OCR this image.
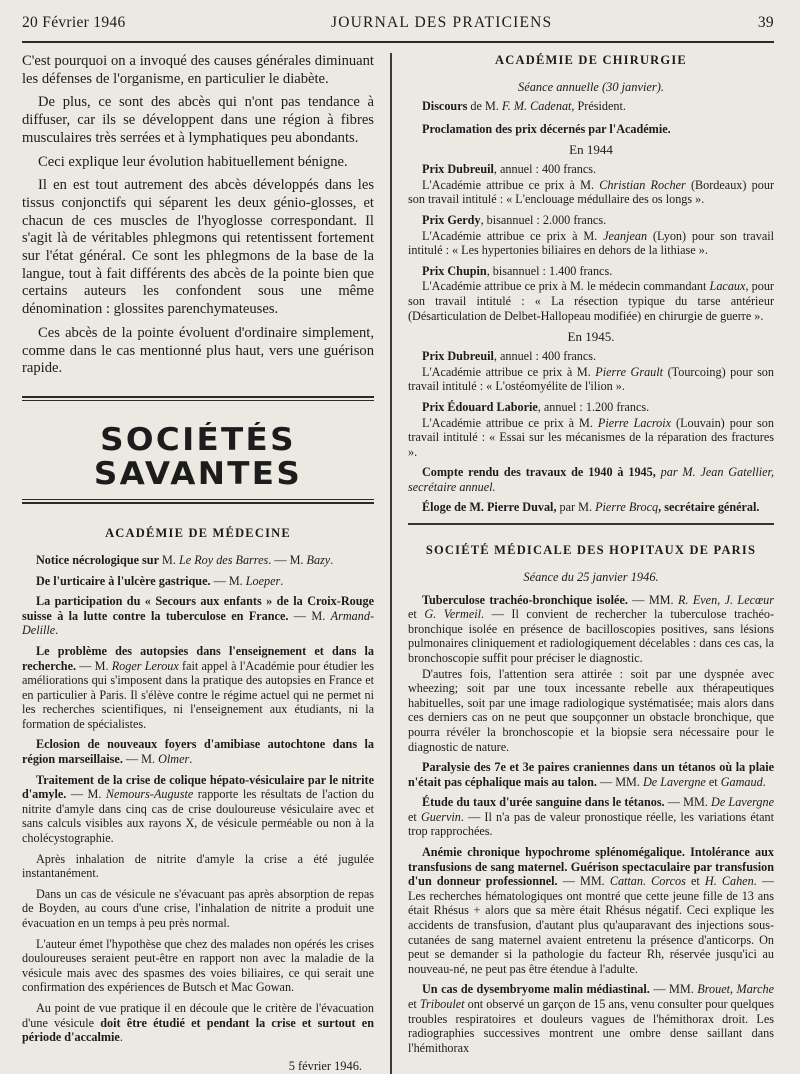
20 Février 1946	JOURNAL DES PRATICIENS	39

C'est pourquoi on a invoqué des causes générales diminuant les défenses de l'organisme, en particulier le diabète.

De plus, ce sont des abcès qui n'ont pas tendance à diffuser, car ils se développent dans une région à fibres musculaires très serrées et à lymphatiques peu abondants.

Ceci explique leur évolution habituellement bénigne.

Il en est tout autrement des abcès développés dans les tissus conjonctifs qui séparent les deux génio-glosses, et chacun de ces muscles de l'hyoglosse correspondant. Il s'agit là de véritables phlegmons qui retentissent fortement sur l'état général. Ce sont les phlegmons de la base de la langue, tout à fait différents des abcès de la pointe bien que certains auteurs les confondent sous une même dénomination : glossites parenchymateuses.

Ces abcès de la pointe évoluent d'ordinaire simplement, comme dans le cas mentionné plus haut, vers une guérison rapide.

SOCIÉTÉS SAVANTES
ACADÉMIE DE MÉDECINE

Notice nécrologique sur M. Le Roy des Barres. — M. Bazy.

De l'urticaire à l'ulcère gastrique. — M. Loeper.

La participation du « Secours aux enfants » de la Croix-Rouge suisse à la lutte contre la tuberculose en France. — M. Armand-Delille.

Le problème des autopsies dans l'enseignement et dans la recherche. — M. Roger Leroux fait appel à l'Académie pour étudier les améliorations qui s'imposent dans la pratique des autopsies en France et en particulier à Paris. Il s'élève contre le régime actuel qui ne permet ni les recherches scientifiques, ni l'enseignement aux étudiants, ni la formation de spécialistes.

Eclosion de nouveaux foyers d'amibiase autochtone dans la région marseillaise. — M. Olmer.

Traitement de la crise de colique hépato-vésiculaire par le nitrite d'amyle. — M. Nemours-Auguste rapporte les résultats de l'action du nitrite d'amyle dans cinq cas de crise douloureuse vésiculaire avec et sans calculs visibles aux rayons X, de vésicule perméable ou non à la cholécystographie.

Après inhalation de nitrite d'amyle la crise a été jugulée instantanément.

Dans un cas de vésicule ne s'évacuant pas après absorption de repas de Boyden, au cours d'une crise, l'inhalation de nitrite a produit une évacuation en un temps à peu près normal.

L'auteur émet l'hypothèse que chez des malades non opérés les crises douloureuses seraient peut-être en rapport non avec la maladie de la vésicule mais avec des spasmes des voies biliaires, ce qui serait une confirmation des expériences de Butsch et Mac Gowan.

Au point de vue pratique il en découle que le critère de l'évacuation d'une vésicule doit être étudié et pendant la crise et surtout en période d'accalmie.

5 février 1946.
ACADÉMIE DE CHIRURGIE
Séance annuelle (30 janvier).

Discours de M. F. M. Cadenat, Président.

Proclamation des prix décernés par l'Académie.

En 1944

Prix Dubreuil, annuel : 400 francs.

L'Académie attribue ce prix à M. Christian Rocher (Bordeaux) pour son travail intitulé : « L'enclouage médullaire des os longs ».

Prix Gerdy, bisannuel : 2.000 francs.

L'Académie attribue ce prix à M. Jeanjean (Lyon) pour son travail intitulé : « Les hypertonies biliaires en dehors de la lithiase ».

Prix Chupin, bisannuel : 1.400 francs.

L'Académie attribue ce prix à M. le médecin commandant Lacaux, pour son travail intitulé : « La résection typique du tarse antérieur (Désarticulation de Delbet-Hallopeau modifiée) en chirurgie de guerre ».

En 1945.

Prix Dubreuil, annuel : 400 francs.

L'Académie attribue ce prix à M. Pierre Grault (Tourcoing) pour son travail intitulé : « L'ostéomyélite de l'ilion ».

Prix Édouard Laborie, annuel : 1.200 francs.

L'Académie attribue ce prix à M. Pierre Lacroix (Louvain) pour son travail intitulé : « Essai sur les mécanismes de la réparation des fractures ».

Compte rendu des travaux de 1940 à 1945, par M. Jean Gatellier, secrétaire annuel.

Éloge de M. Pierre Duval, par M. Pierre Brocq, secrétaire général.

SOCIÉTÉ MÉDICALE DES HOPITAUX DE PARIS
Séance du 25 janvier 1946.

Tuberculose trachéo-bronchique isolée. — MM. R. Even, J. Lecœur et G. Vermeil. — Il convient de rechercher la tuberculose trachéo-bronchique isolée en présence de bacilloscopies positives, sans lésions pulmonaires cliniquement et radiologiquement décelables : dans ces cas, la bronchoscopie suffit pour préciser le diagnostic.

D'autres fois, l'attention sera attirée : soit par une dyspnée avec wheezing; soit par une toux incessante rebelle aux thérapeutiques habituelles, soit par une image radiologique systématisée; mais alors dans ces derniers cas on ne peut que soupçonner un obstacle bronchique, que pourra révéler la bronchoscopie et la biopsie sera nécessaire pour le diagnostic de nature.

Paralysie des 7e et 3e paires craniennes dans un tétanos où la plaie n'était pas céphalique mais au talon. — MM. De Lavergne et Gamaud.

Étude du taux d'urée sanguine dans le tétanos. — MM. De Lavergne et Guervin. — Il n'a pas de valeur pronostique réelle, les variations étant trop rapprochées.

Anémie chronique hypochrome splénomégalique. Intolérance aux transfusions de sang maternel. Guérison spectaculaire par transfusion d'un donneur professionnel. — MM. Cattan. Corcos et H. Cahen. — Les recherches hématologiques ont montré que cette jeune fille de 13 ans était Rhésus + alors que sa mère était Rhésus négatif. Ceci explique les accidents de transfusion, d'autant plus qu'auparavant des injections sous-cutanées de sang maternel avaient entretenu la présence d'anticorps. On peut se demander si la pathologie du facteur Rh, réservée jusqu'ici au nouveau-né, ne peut pas être étendue à l'adulte.

Un cas de dysembryome malin médiastinal. — MM. Brouet, Marche et Triboulet ont observé un garçon de 15 ans, venu consulter pour quelques troubles respiratoires et douleurs vagues de l'hémithorax droit. Les radiographies successives montrent une ombre dense saillant dans l'hémithorax
